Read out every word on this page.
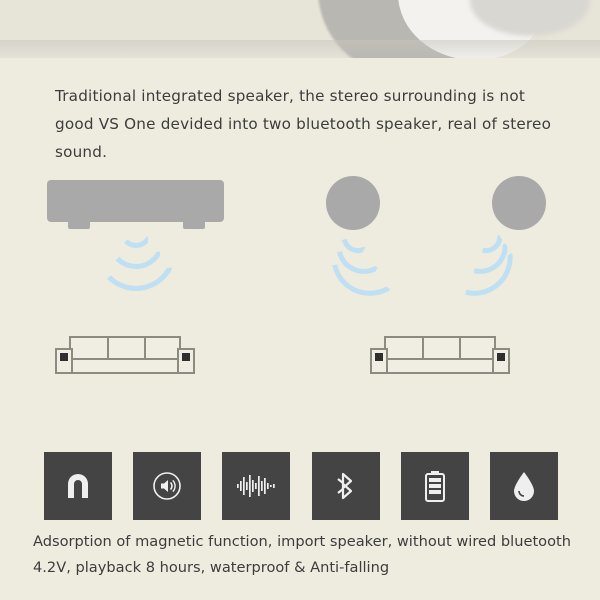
Traditional integrated speaker, the stereo surrounding is not good VS One devided into two bluetooth speaker, real of stereo sound.
Adsorption of magnetic function, import speaker, without wired bluetooth 4.2V, playback 8 hours, waterproof & Anti-falling
